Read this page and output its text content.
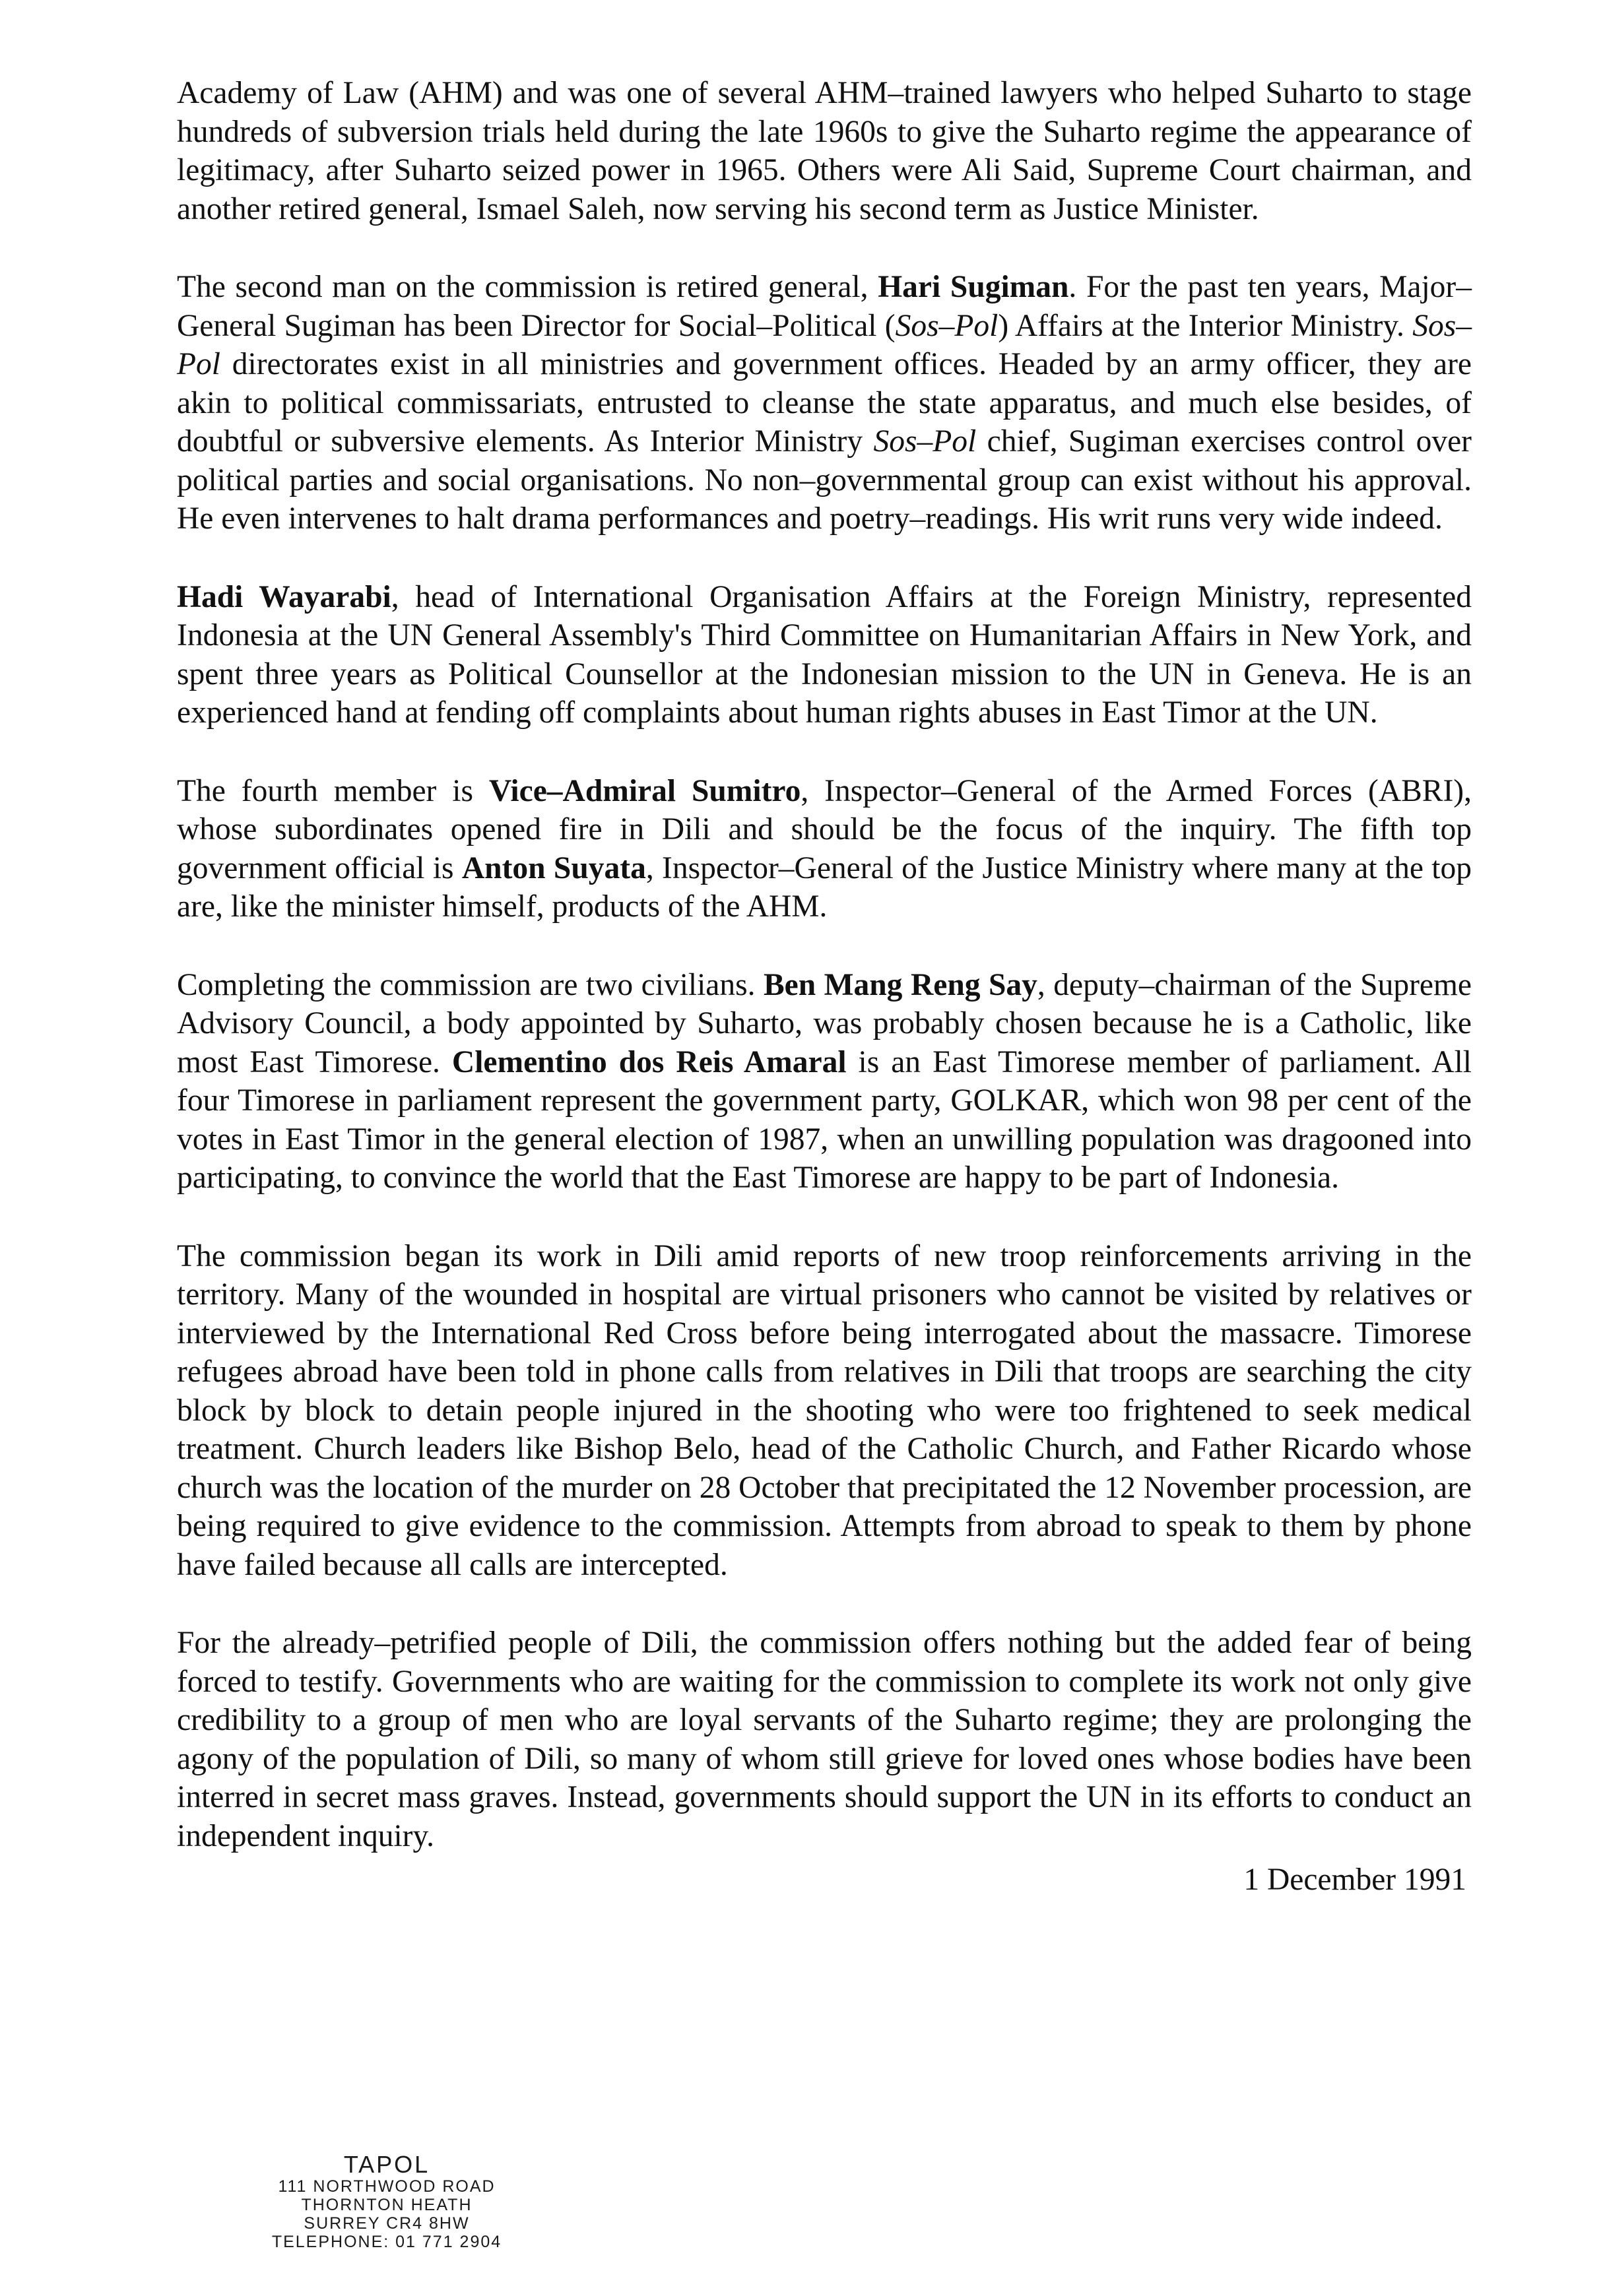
Academy of Law (AHM) and was one of several AHM–trained lawyers who helped Suharto to stage hundreds of subversion trials held during the late 1960s to give the Suharto regime the appearance of legitimacy, after Suharto seized power in 1965. Others were Ali Said, Supreme Court chairman, and another retired general, Ismael Saleh, now serving his second term as Justice Minister.

The second man on the commission is retired general, Hari Sugiman. For the past ten years, Major–General Sugiman has been Director for Social–Political (Sos–Pol) Affairs at the Interior Ministry. Sos–Pol directorates exist in all ministries and government offices. Headed by an army officer, they are akin to political commissariats, entrusted to cleanse the state apparatus, and much else besides, of doubtful or subversive elements. As Interior Ministry Sos–Pol chief, Sugiman exercises control over political parties and social organisations. No non–governmental group can exist without his approval. He even intervenes to halt drama performances and poetry–readings. His writ runs very wide indeed.

Hadi Wayarabi, head of International Organisation Affairs at the Foreign Ministry, represented Indonesia at the UN General Assembly's Third Committee on Humanitarian Affairs in New York, and spent three years as Political Counsellor at the Indonesian mission to the UN in Geneva. He is an experienced hand at fending off complaints about human rights abuses in East Timor at the UN.

The fourth member is Vice–Admiral Sumitro, Inspector–General of the Armed Forces (ABRI), whose subordinates opened fire in Dili and should be the focus of the inquiry. The fifth top government official is Anton Suyata, Inspector–General of the Justice Ministry where many at the top are, like the minister himself, products of the AHM.

Completing the commission are two civilians. Ben Mang Reng Say, deputy–chairman of the Supreme Advisory Council, a body appointed by Suharto, was probably chosen because he is a Catholic, like most East Timorese. Clementino dos Reis Amaral is an East Timorese member of parliament. All four Timorese in parliament represent the government party, GOLKAR, which won 98 per cent of the votes in East Timor in the general election of 1987, when an unwilling population was dragooned into participating, to convince the world that the East Timorese are happy to be part of Indonesia.

The commission began its work in Dili amid reports of new troop reinforcements arriving in the territory. Many of the wounded in hospital are virtual prisoners who cannot be visited by relatives or interviewed by the International Red Cross before being interrogated about the massacre. Timorese refugees abroad have been told in phone calls from relatives in Dili that troops are searching the city block by block to detain people injured in the shooting who were too frightened to seek medical treatment. Church leaders like Bishop Belo, head of the Catholic Church, and Father Ricardo whose church was the location of the murder on 28 October that precipitated the 12 November procession, are being required to give evidence to the commission. Attempts from abroad to speak to them by phone have failed because all calls are intercepted.

For the already–petrified people of Dili, the commission offers nothing but the added fear of being forced to testify. Governments who are waiting for the commission to complete its work not only give credibility to a group of men who are loyal servants of the Suharto regime; they are prolonging the agony of the population of Dili, so many of whom still grieve for loved ones whose bodies have been interred in secret mass graves. Instead, governments should support the UN in its efforts to conduct an independent inquiry.

1 December 1991
TAPOL
111 NORTHWOOD ROAD
THORNTON HEATH
SURREY CR4 8HW
TELEPHONE: 01 771 2904
